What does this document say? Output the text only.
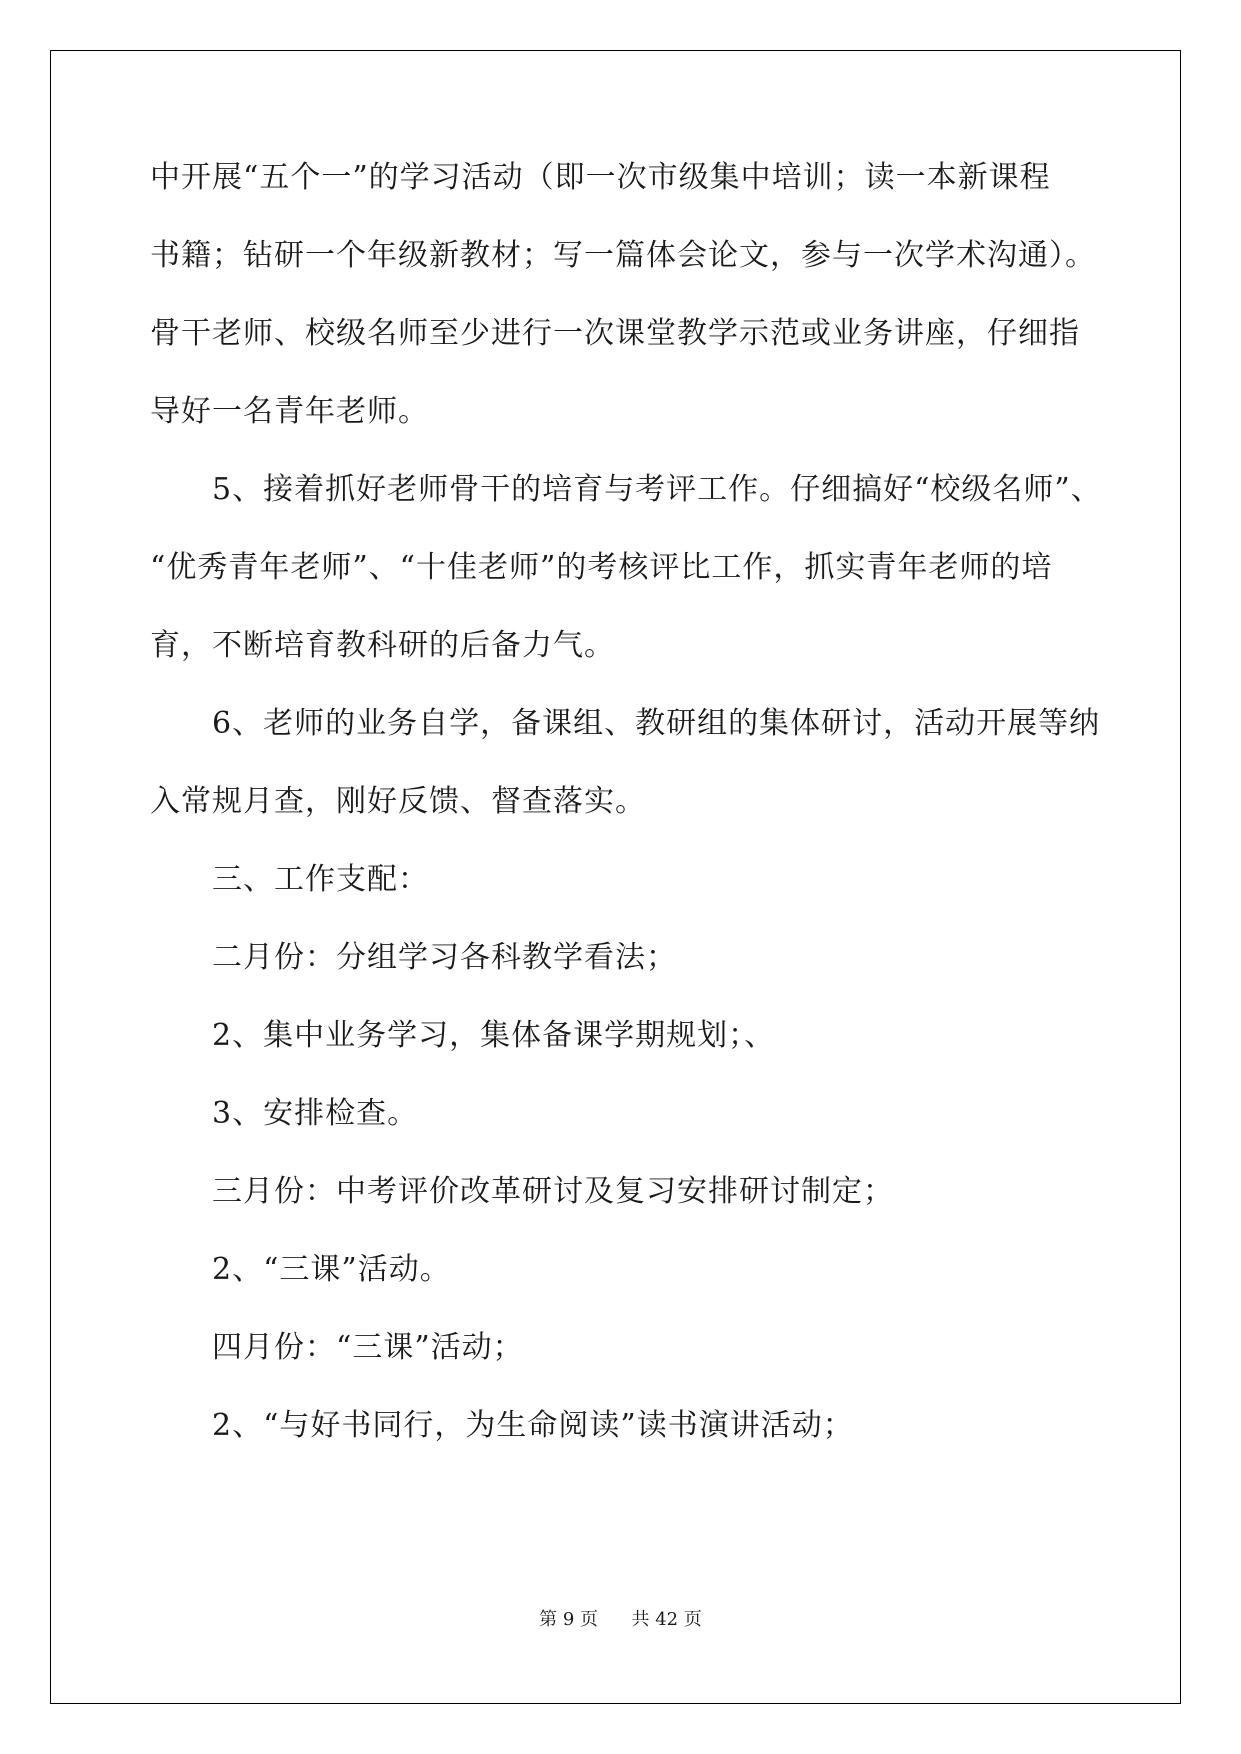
中开展“五个一”的学习活动（即一次市级集中培训；读一本新课程
书籍；钻研一个年级新教材；写一篇体会论文，参与一次学术沟通）。
骨干老师、校级名师至少进行一次课堂教学示范或业务讲座，仔细指
导好一名青年老师。
5、接着抓好老师骨干的培育与考评工作。仔细搞好“校级名师”、
“优秀青年老师”、“十佳老师”的考核评比工作，抓实青年老师的培
育，不断培育教科研的后备力气。
6、老师的业务自学，备课组、教研组的集体研讨，活动开展等纳
入常规月查，刚好反馈、督查落实。
三、工作支配：
二月份：分组学习各科教学看法；
2、集中业务学习，集体备课学期规划；、
3、安排检查。
三月份：中考评价改革研讨及复习安排研讨制定；
2、“三课”活动。
四月份：“三课”活动；
2、“与好书同行，为生命阅读”读书演讲活动；
第 9 页 共 42 页
